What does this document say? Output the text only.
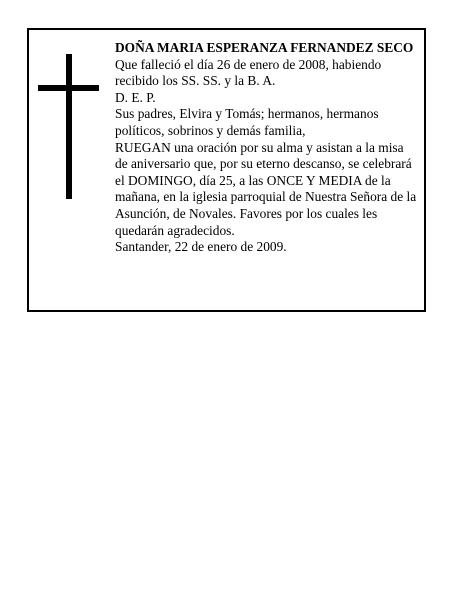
DOÑA MARIA ESPERANZA FERNANDEZ SECO

Que falleció el día 26 de enero de 2008, habiendo

recibido los SS. SS. y la B. A.

D. E. P.

Sus padres, Elvira y Tomás; hermanos, hermanos

políticos, sobrinos y demás familia,

RUEGAN una oración por su alma y asistan a la misa

de aniversario que, por su eterno descanso, se celebrará

el DOMINGO, día 25, a las ONCE Y MEDIA de la

mañana, en la iglesia parroquial de Nuestra Señora de la

Asunción, de Novales. Favores por los cuales les

quedarán agradecidos.

Santander, 22 de enero de 2009.
